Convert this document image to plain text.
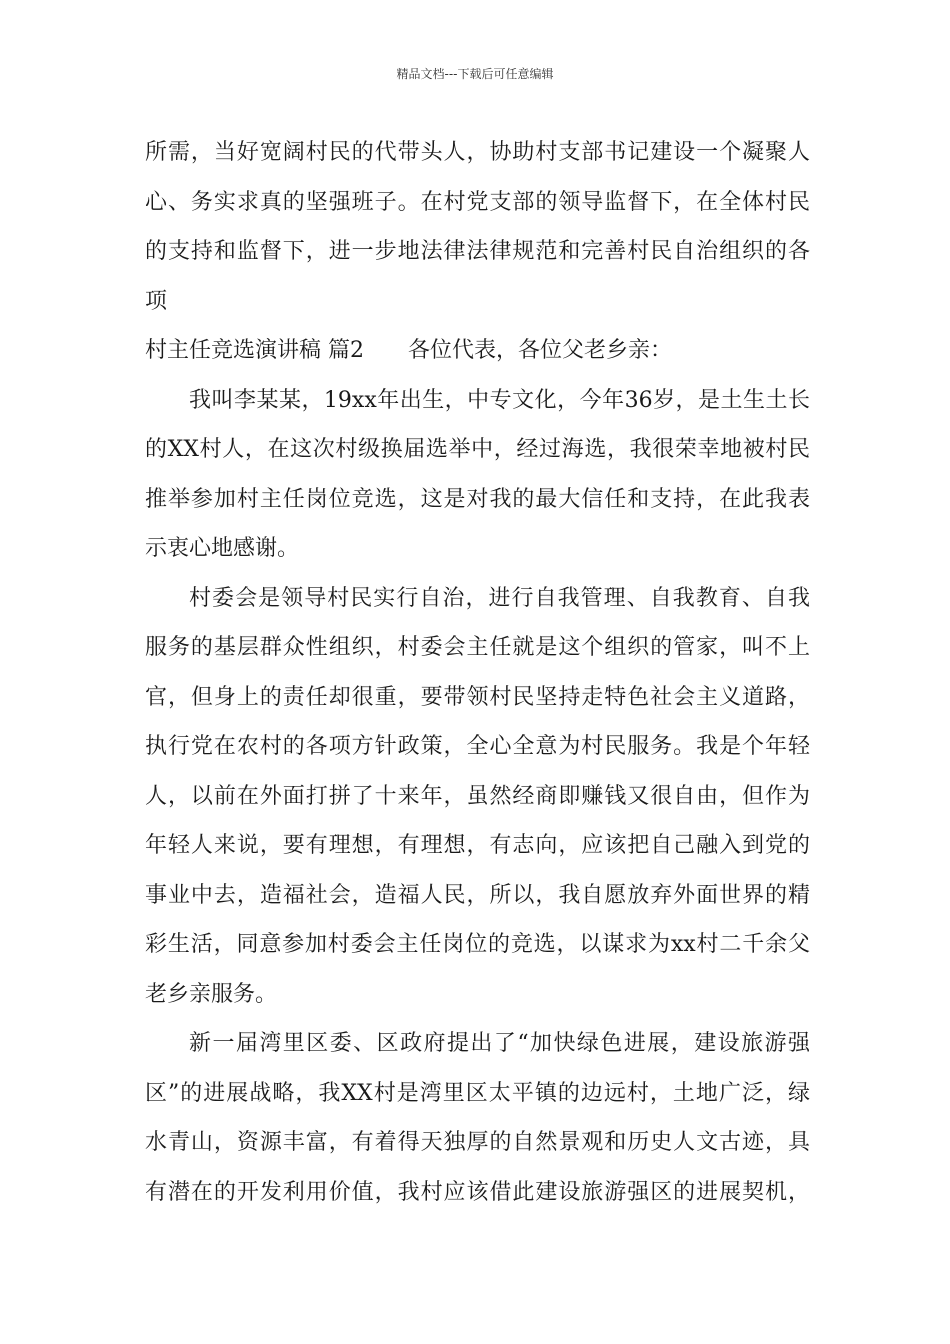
精品文档---下载后可任意编辑
所需，当好宽阔村民的代带头人，协助村支部书记建设一个凝聚人
心、务实求真的坚强班子。在村党支部的领导监督下，在全体村民
的支持和监督下，进一步地法律法律规范和完善村民自治组织的各
项
村主任竞选演讲稿 篇2 各位代表，各位父老乡亲：
我叫李某某，19xx年出生，中专文化，今年36岁，是土生土长
的XX村人，在这次村级换届选举中，经过海选，我很荣幸地被村民
推举参加村主任岗位竞选，这是对我的最大信任和支持，在此我表
示衷心地感谢。
村委会是领导村民实行自治，进行自我管理、自我教育、自我
服务的基层群众性组织，村委会主任就是这个组织的管家，叫不上
官，但身上的责任却很重，要带领村民坚持走特色社会主义道路，
执行党在农村的各项方针政策，全心全意为村民服务。我是个年轻
人，以前在外面打拼了十来年，虽然经商即赚钱又很自由，但作为
年轻人来说，要有理想，有理想，有志向，应该把自己融入到党的
事业中去，造福社会，造福人民，所以，我自愿放弃外面世界的精
彩生活，同意参加村委会主任岗位的竞选，以谋求为xx村二千余父
老乡亲服务。
新一届湾里区委、区政府提出了“加快绿色进展，建设旅游强
区”的进展战略，我XX村是湾里区太平镇的边远村，土地广泛，绿
水青山，资源丰富，有着得天独厚的自然景观和历史人文古迹，具
有潜在的开发利用价值，我村应该借此建设旅游强区的进展契机，
